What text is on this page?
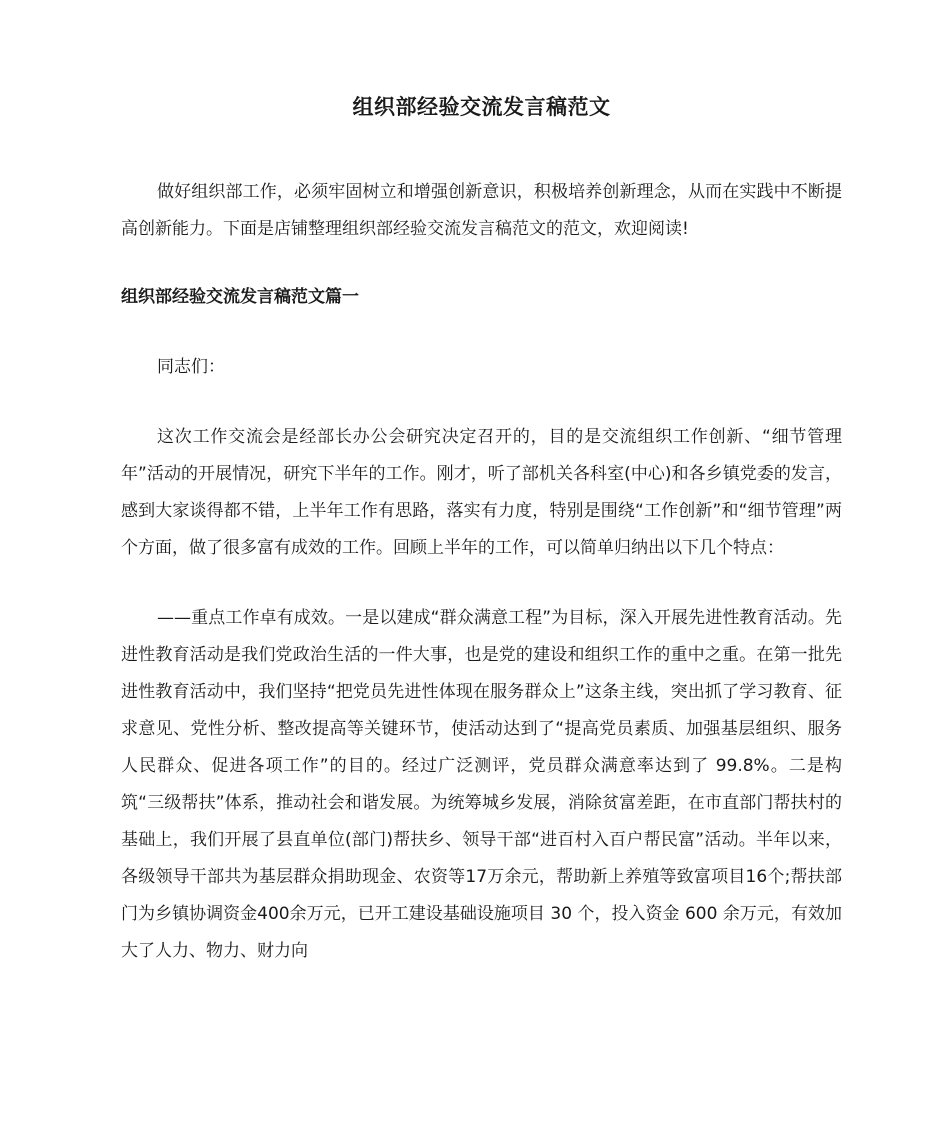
组织部经验交流发言稿范文

做好组织部工作，必须牢固树立和增强创新意识，积极培养创新理念，从而在实践中不断提高创新能力。下面是店铺整理组织部经验交流发言稿范文的范文，欢迎阅读!

组织部经验交流发言稿范文篇一

同志们：

这次工作交流会是经部长办公会研究决定召开的，目的是交流组织工作创新、“细节管理年”活动的开展情况，研究下半年的工作。刚才，听了部机关各科室(中心)和各乡镇党委的发言，感到大家谈得都不错，上半年工作有思路，落实有力度，特别是围绕“工作创新”和“细节管理”两个方面，做了很多富有成效的工作。回顾上半年的工作，可以简单归纳出以下几个特点：

——重点工作卓有成效。一是以建成“群众满意工程”为目标，深入开展先进性教育活动。先进性教育活动是我们党政治生活的一件大事，也是党的建设和组织工作的重中之重。在第一批先进性教育活动中，我们坚持“把党员先进性体现在服务群众上”这条主线，突出抓了学习教育、征求意见、党性分析、整改提高等关键环节，使活动达到了“提高党员素质、加强基层组织、服务人民群众、促进各项工作”的目的。经过广泛测评，党员群众满意率达到了 99.8%。二是构筑“三级帮扶”体系，推动社会和谐发展。为统筹城乡发展，消除贫富差距，在市直部门帮扶村的基础上，我们开展了县直单位(部门)帮扶乡、领导干部“进百村入百户帮民富”活动。半年以来，各级领导干部共为基层群众捐助现金、农资等17万余元，帮助新上养殖等致富项目16个;帮扶部门为乡镇协调资金400余万元，已开工建设基础设施项目 30 个，投入资金 600 余万元，有效加大了人力、物力、财力向
